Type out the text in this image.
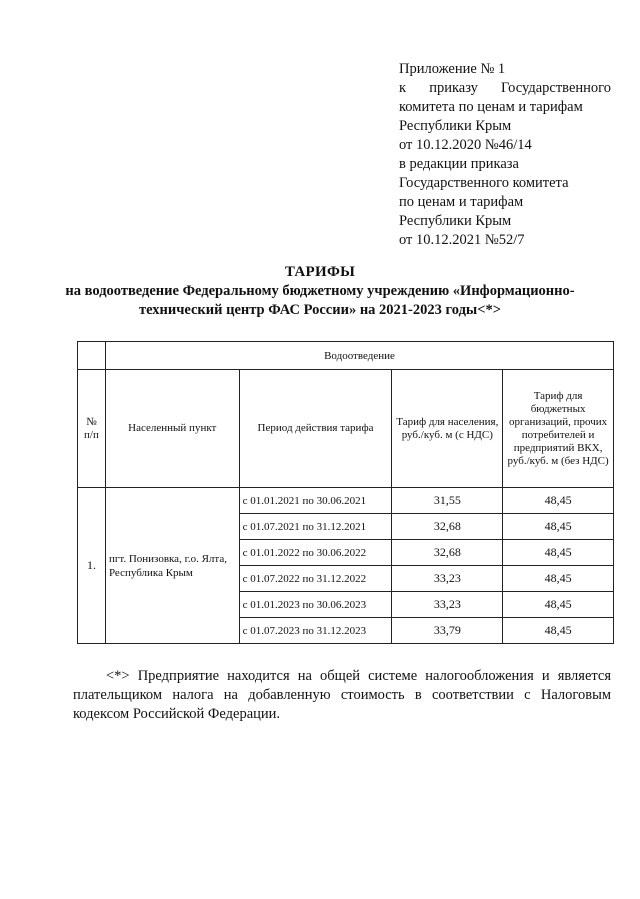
Приложение № 1
к приказу Государственного
комитета по ценам и тарифам
Республики Крым
от 10.12.2020 №46/14
в редакции приказа
Государственного комитета
по ценам и тарифам
Республики Крым
от 10.12.2021 №52/7
ТАРИФЫ
на водоотведение Федеральному бюджетному учреждению «Информационно-
технический центр ФАС России» на 2021-2023 годы<*>
	Водоотведение			
№ п/п	Населенный пункт	Период действия тарифа	Тариф для населения, руб./куб. м (с НДС)	Тариф для бюджетных организаций, прочих потребителей и предприятий ВКХ, руб./куб. м (без НДС)
1.	пгт. Понизовка, г.о. Ялта, Республика Крым	с 01.01.2021 по 30.06.2021	31,55	48,45
		с 01.07.2021 по 31.12.2021	32,68	48,45
		с 01.01.2022 по 30.06.2022	32,68	48,45
		с 01.07.2022 по 31.12.2022	33,23	48,45
		с 01.01.2023 по 30.06.2023	33,23	48,45
		с 01.07.2023 по 31.12.2023	33,79	48,45
<*> Предприятие находится на общей системе налогообложения и является плательщиком налога на добавленную стоимость в соответствии с Налоговым кодексом Российской Федерации.
